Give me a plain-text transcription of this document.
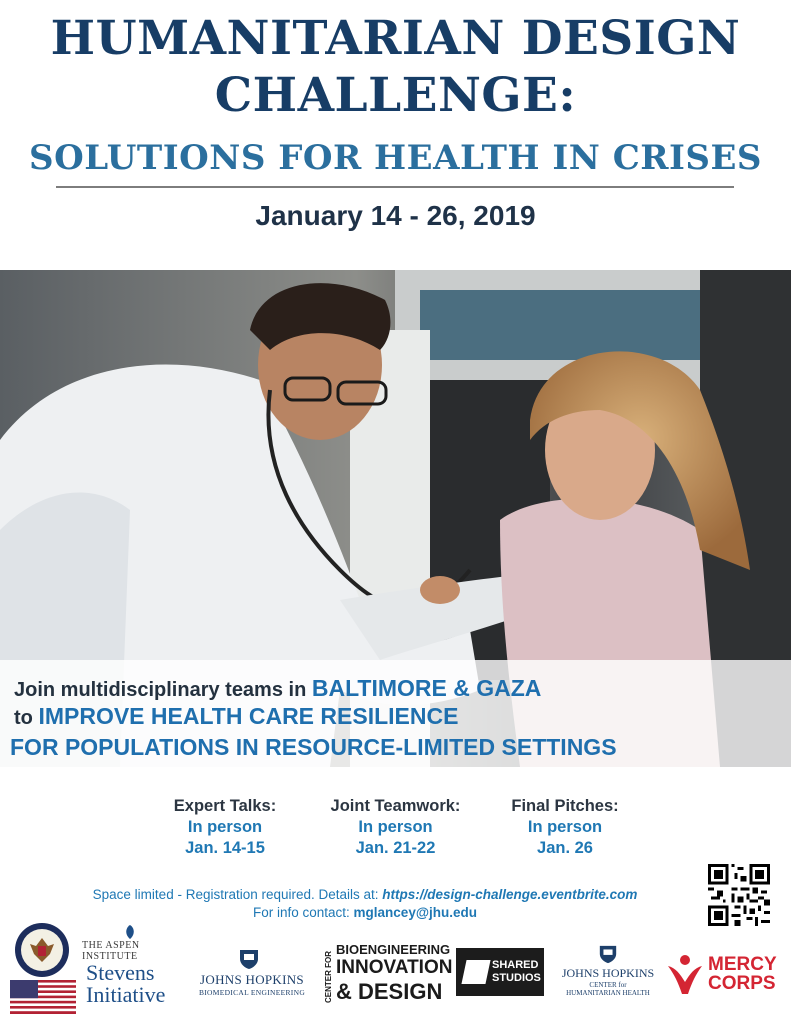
HUMANITARIAN DESIGN
CHALLENGE:
SOLUTIONS FOR HEALTH IN CRISES
January 14 - 26, 2019
Join multidisciplinary teams in BALTIMORE & GAZA
to IMPROVE HEALTH CARE RESILIENCE
FOR POPULATIONS IN RESOURCE-LIMITED SETTINGS
Expert Talks:
In person
Jan. 14-15
Joint Teamwork:
In person
Jan. 21-22
Final Pitches:
In person
Jan. 26
Space limited - Registration required. Details at: https://design-challenge.eventbrite.com
For info contact: mglancey@jhu.edu
THE ASPEN INSTITUTE
Stevens
Initiative
JOHNS HOPKINS
BIOMEDICAL ENGINEERING	CENTER FOR
BIOENGINEERING
INNOVATION
& DESIGN
SHARED
STUDIOS	JOHNS HOPKINS
CENTER for
HUMANITARIAN HEALTH
MERCY
CORPS
